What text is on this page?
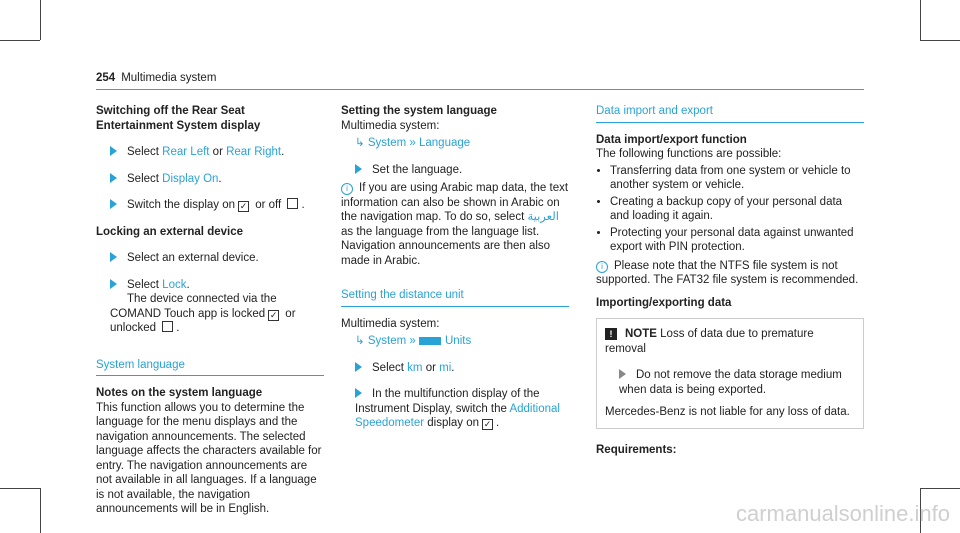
254 Multimedia system
Switching off the Rear Seat Entertainment System display
Select Rear Left or Rear Right.
Select Display On.
Switch the display on ✓ or off .
Locking an external device
Select an external device.
Select Lock.
The device connected via the COMAND Touch app is locked ✓ or unlocked .
System language
Notes on the system language

This function allows you to determine the language for the menu displays and the navigation announcements. The selected language affects the characters available for entry. The navigation announcements are not available in all languages. If a language is not available, the navigation announcements will be in English.

Setting the system language

Multimedia system:

↳ System » Language
Set the language.
i If you are using Arabic map data, the text information can also be shown in Arabic on the navigation map. To do so, select العربية as the language from the language list. Navigation announcements are then also made in Arabic.
Setting the distance unit

Multimedia system:

↳ System »	Units
Select km or mi.
In the multifunction display of the Instrument Display, switch the Additional Speedometer display on ✓ .
Data import and export
Data import/export function

The following functions are possible:

• Transferring data from one system or vehicle to another system or vehicle.
• Creating a backup copy of your personal data and loading it again.
• Protecting your personal data against unwanted export with PIN protection.
i Please note that the NTFS file system is not supported. The FAT32 file system is recommended.
Importing/exporting data

! NOTE Loss of data due to premature removal

Do not remove the data storage medium when data is being exported.

Mercedes-Benz is not liable for any loss of data.

Requirements:
carmanualsonline.info
